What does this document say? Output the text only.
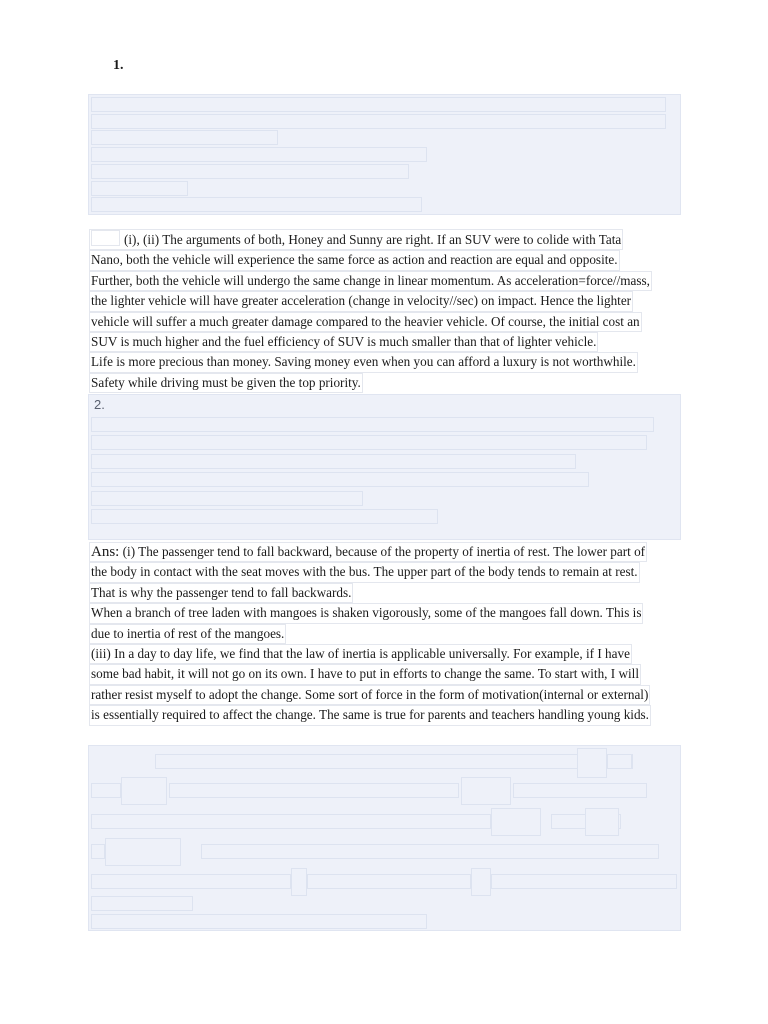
1.
(i), (ii) The arguments of both, Honey and Sunny are right. If an SUV were to colide with Tata
Nano, both the vehicle will experience the same force as action and reaction are equal and opposite.
Further, both the vehicle will undergo the same change in linear momentum. As acceleration=force//mass,
the lighter vehicle will have greater acceleration (change in velocity//sec) on impact. Hence the lighter
vehicle will suffer a much greater damage compared to the heavier vehicle. Of course, the initial cost an
SUV is much higher and the fuel efficiency of SUV is much smaller than that of lighter vehicle.
Life is more precious than money. Saving money even when you can afford a luxury is not worthwhile.
Safety while driving must be given the top priority.
2.
Ans: (i) The passenger tend to fall backward, because of the property of inertia of rest. The lower part of
the body in contact with the seat moves with the bus. The upper part of the body tends to remain at rest.
That is why the passenger tend to fall backwards.
When a branch of tree laden with mangoes is shaken vigorously, some of the mangoes fall down. This is
due to inertia of rest of the mangoes.
(iii) In a day to day life, we find that the law of inertia is applicable universally. For example, if I have
some bad habit, it will not go on its own. I have to put in efforts to change the same. To start with, I will
rather resist myself to adopt the change. Some sort of force in the form of motivation(internal or external)
is essentially required to affect the change. The same is true for parents and teachers handling young kids.
